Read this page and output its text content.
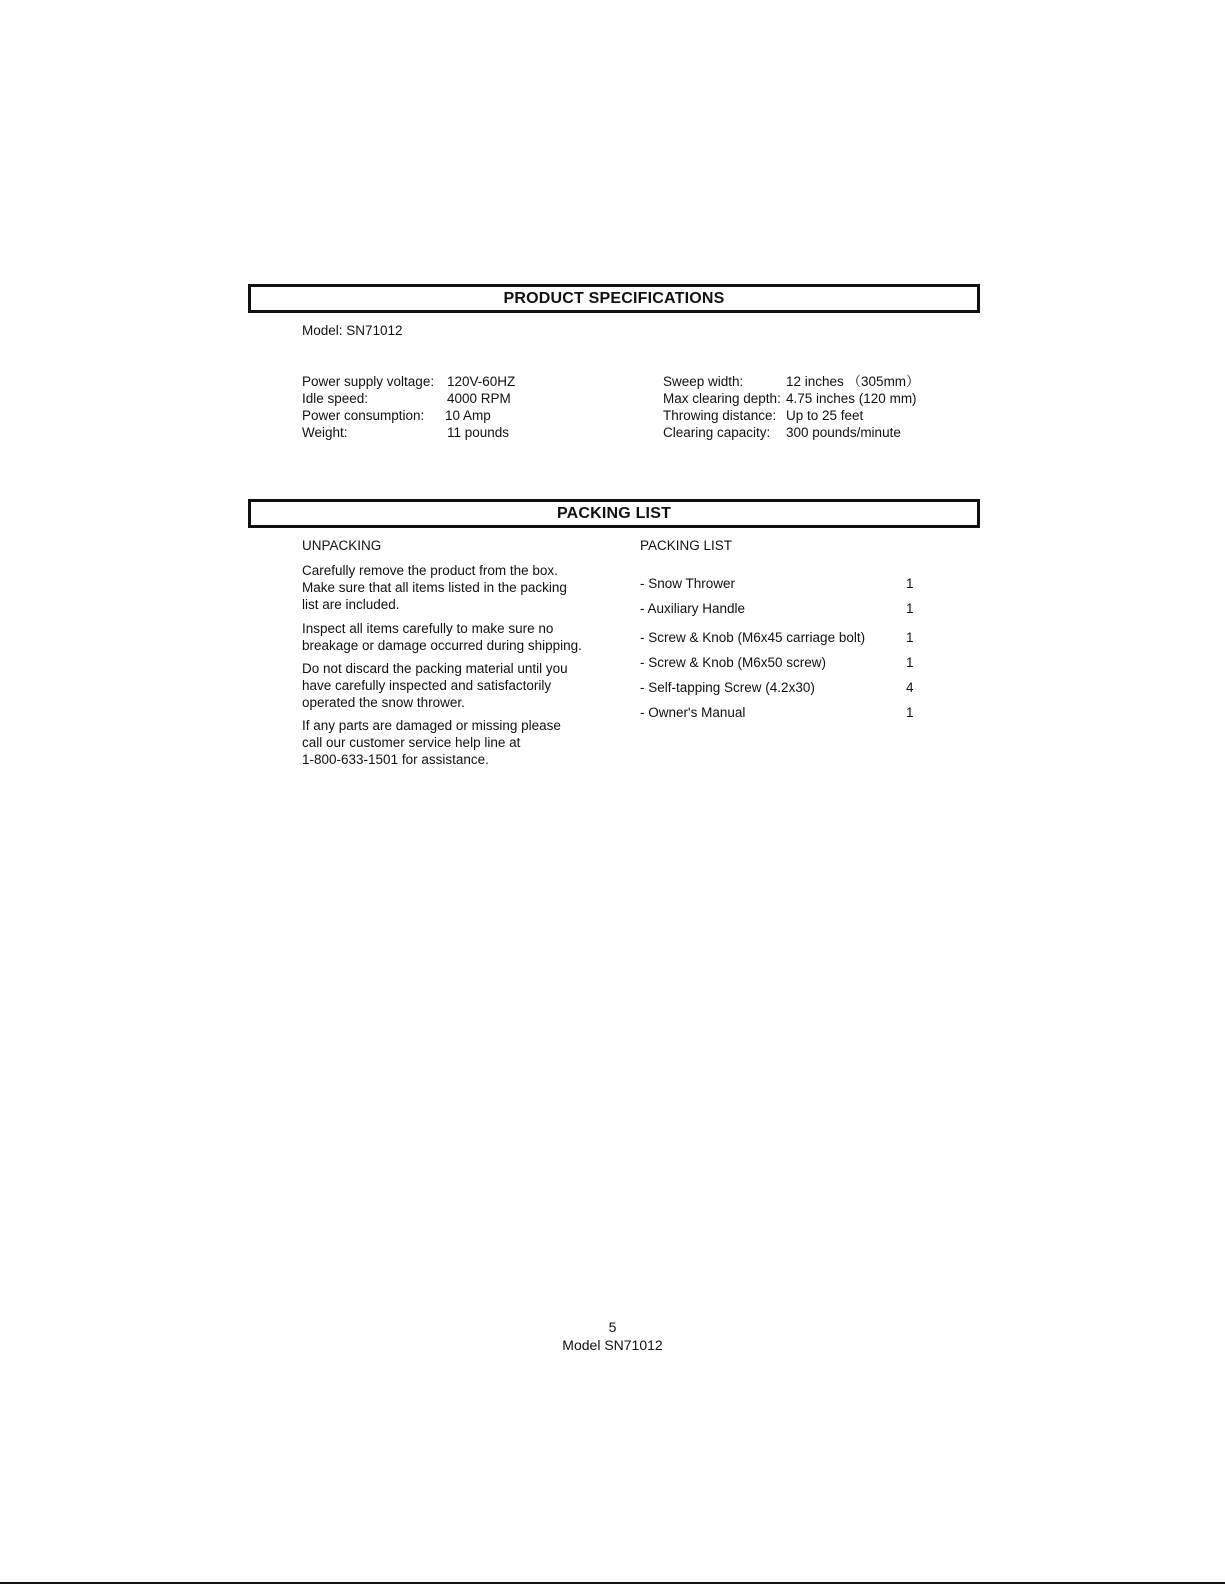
PRODUCT SPECIFICATIONS
Model: SN71012
Power supply voltage: 120V-60HZ
Idle speed:	4000 RPM
Power consumption: 10 Amp
Weight:	11 pounds
Sweep width:	12 inches （305mm）
Max clearing depth: 4.75 inches (120 mm)
Throwing distance: Up to 25 feet
Clearing capacity: 300 pounds/minute
PACKING LIST
UNPACKING
Carefully remove the product from the box.
Make sure that all items listed in the packing
list are included.
Inspect all items carefully to make sure no
breakage or damage occurred during shipping.
Do not discard the packing material until you
have carefully inspected and satisfactorily
operated the snow thrower.
If any parts are damaged or missing please
call our customer service help line at
1-800-633-1501 for assistance.
PACKING LIST
- Snow Thrower	1
- Auxiliary Handle	1
- Screw & Knob (M6x45 carriage bolt)	1
- Screw & Knob (M6x50 screw)	1
- Self-tapping Screw (4.2x30)	4
- Owner's Manual	1
5
Model SN71012
